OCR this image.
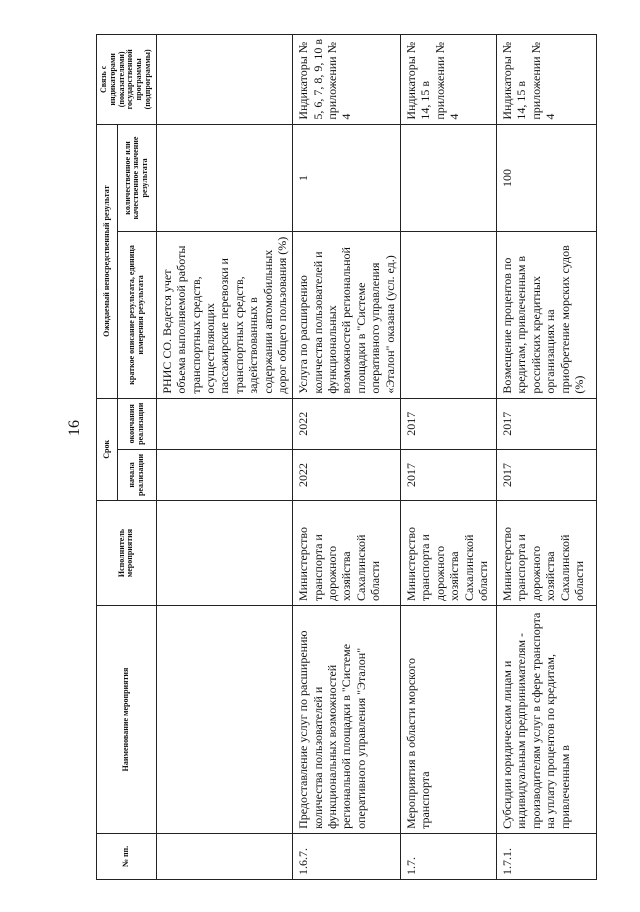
16
№ пп.	Наименование мероприятия	Исполнитель мероприятия	Срок		Ожидаемый непосредственный результат		Связь с индикаторами (показателями) государственной программы (подпрограммы)
			начала реализации	окончания реализации	краткое описание результата, единица измерения результата	количественное или качественное значение результата	
					РНИС СО. Ведется учет объема выполняемой работы транспортных средств, осуществляющих пассажирские перевозки и транспортных средств, задействованных в содержании автомобильных дорог общего пользования (%)		
1.6.7.	Предоставление услуг по расширению количества пользователей и функциональных возможностей региональной площадки в "Системе оперативного управления "Эталон"	Министерство транспорта и дорожного хозяйства Сахалинской области	2022	2022	Услуга по расширению количества пользователей и функциональных возможностей региональной площадки в "Системе оперативного управления «Эталон" оказана (усл. ед.)	1	Индикаторы № 5, 6, 7, 8, 9, 10 в приложении № 4
1.7.	Мероприятия в области морского транспорта	Министерство транспорта и дорожного хозяйства Сахалинской области	2017	2017			Индикаторы № 14, 15 в приложении № 4
1.7.1.	Субсидии юридическим лицам и индивидуальным предпринимателям - производителям услуг в сфере транспорта на уплату процентов по кредитам, привлеченным в	Министерство транспорта и дорожного хозяйства Сахалинской области	2017	2017	Возмещение процентов по кредитам, привлеченным в российских кредитных организациях на приобретение морских судов (%)	100	Индикаторы № 14, 15 в приложении № 4
